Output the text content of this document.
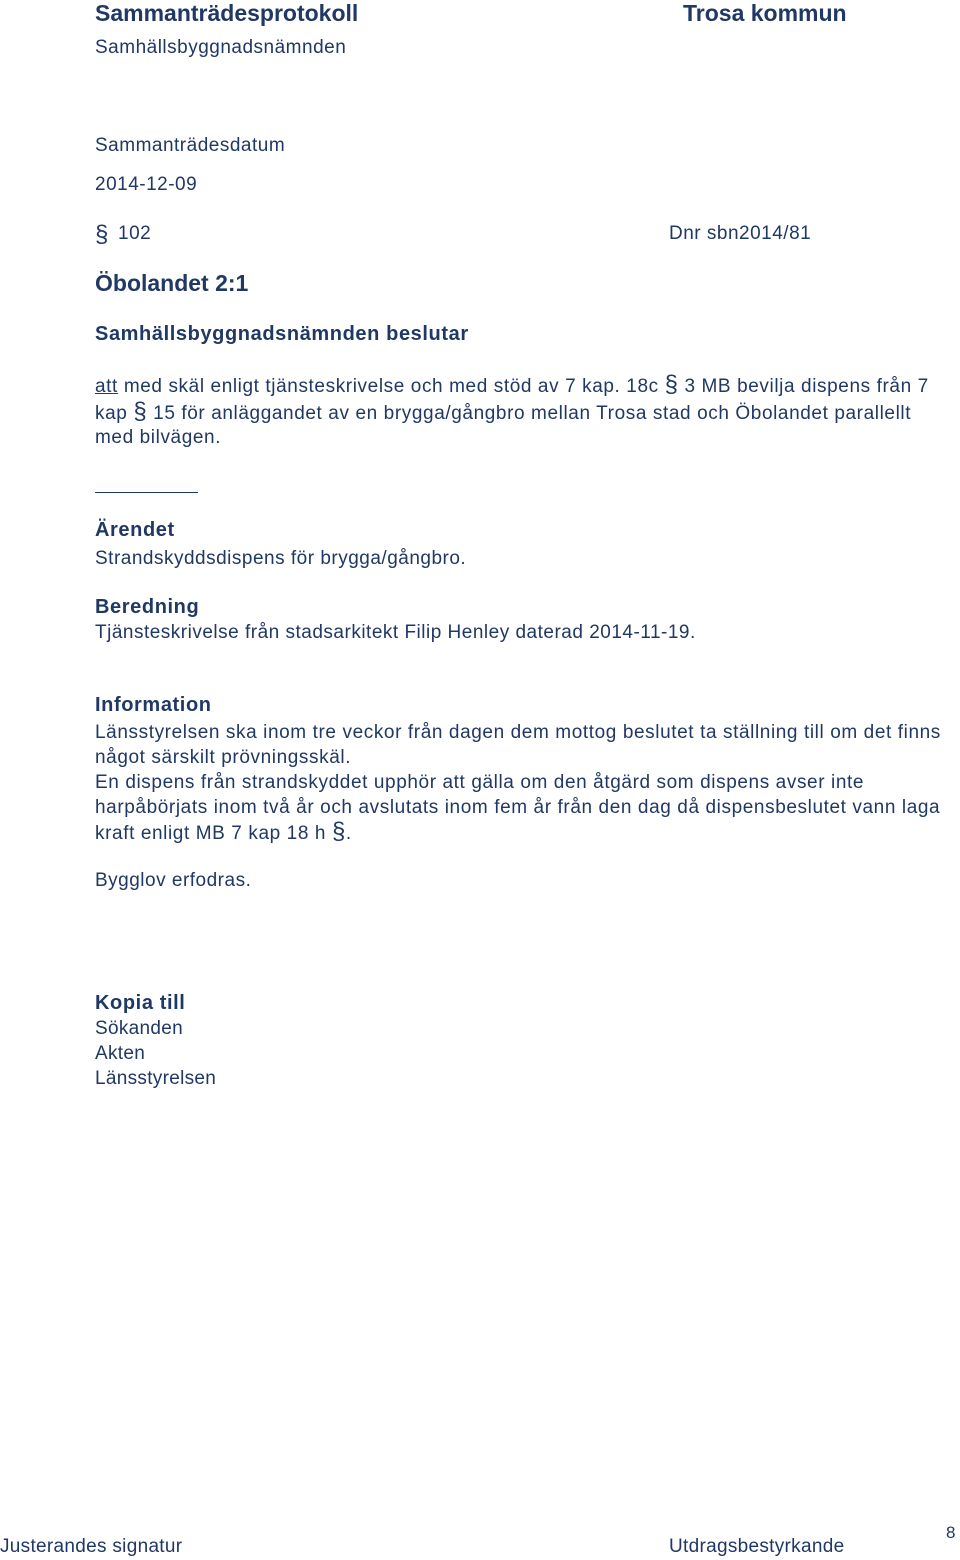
Sammanträdesprotokoll	Trosa kommun
Samhällsbyggnadsnämnden
Sammanträdesdatum
2014-12-09
§ 102	Dnr sbn2014/81
Öbolandet 2:1
Samhällsbyggnadsnämnden beslutar
att med skäl enligt tjänsteskrivelse och med stöd av 7 kap. 18c § 3 MB bevilja dispens från 7 kap § 15 för anläggandet av en brygga/gångbro mellan Trosa stad och Öbolandet parallellt med bilvägen.
Ärendet
Strandskyddsdispens för brygga/gångbro.
Beredning
Tjänsteskrivelse från stadsarkitekt Filip Henley daterad 2014-11-19.
Information
Länsstyrelsen ska inom tre veckor från dagen dem mottog beslutet ta ställning till om det finns något särskilt prövningsskäl.
En dispens från strandskyddet upphör att gälla om den åtgärd som dispens avser inte harpåbörjats inom två år och avslutats inom fem år från den dag då dispensbeslutet vann laga kraft enligt MB 7 kap 18 h §.
Bygglov erfodras.
Kopia till
Sökanden
Akten
Länsstyrelsen
Justerandes signatur	Utdragsbestyrkande
8
